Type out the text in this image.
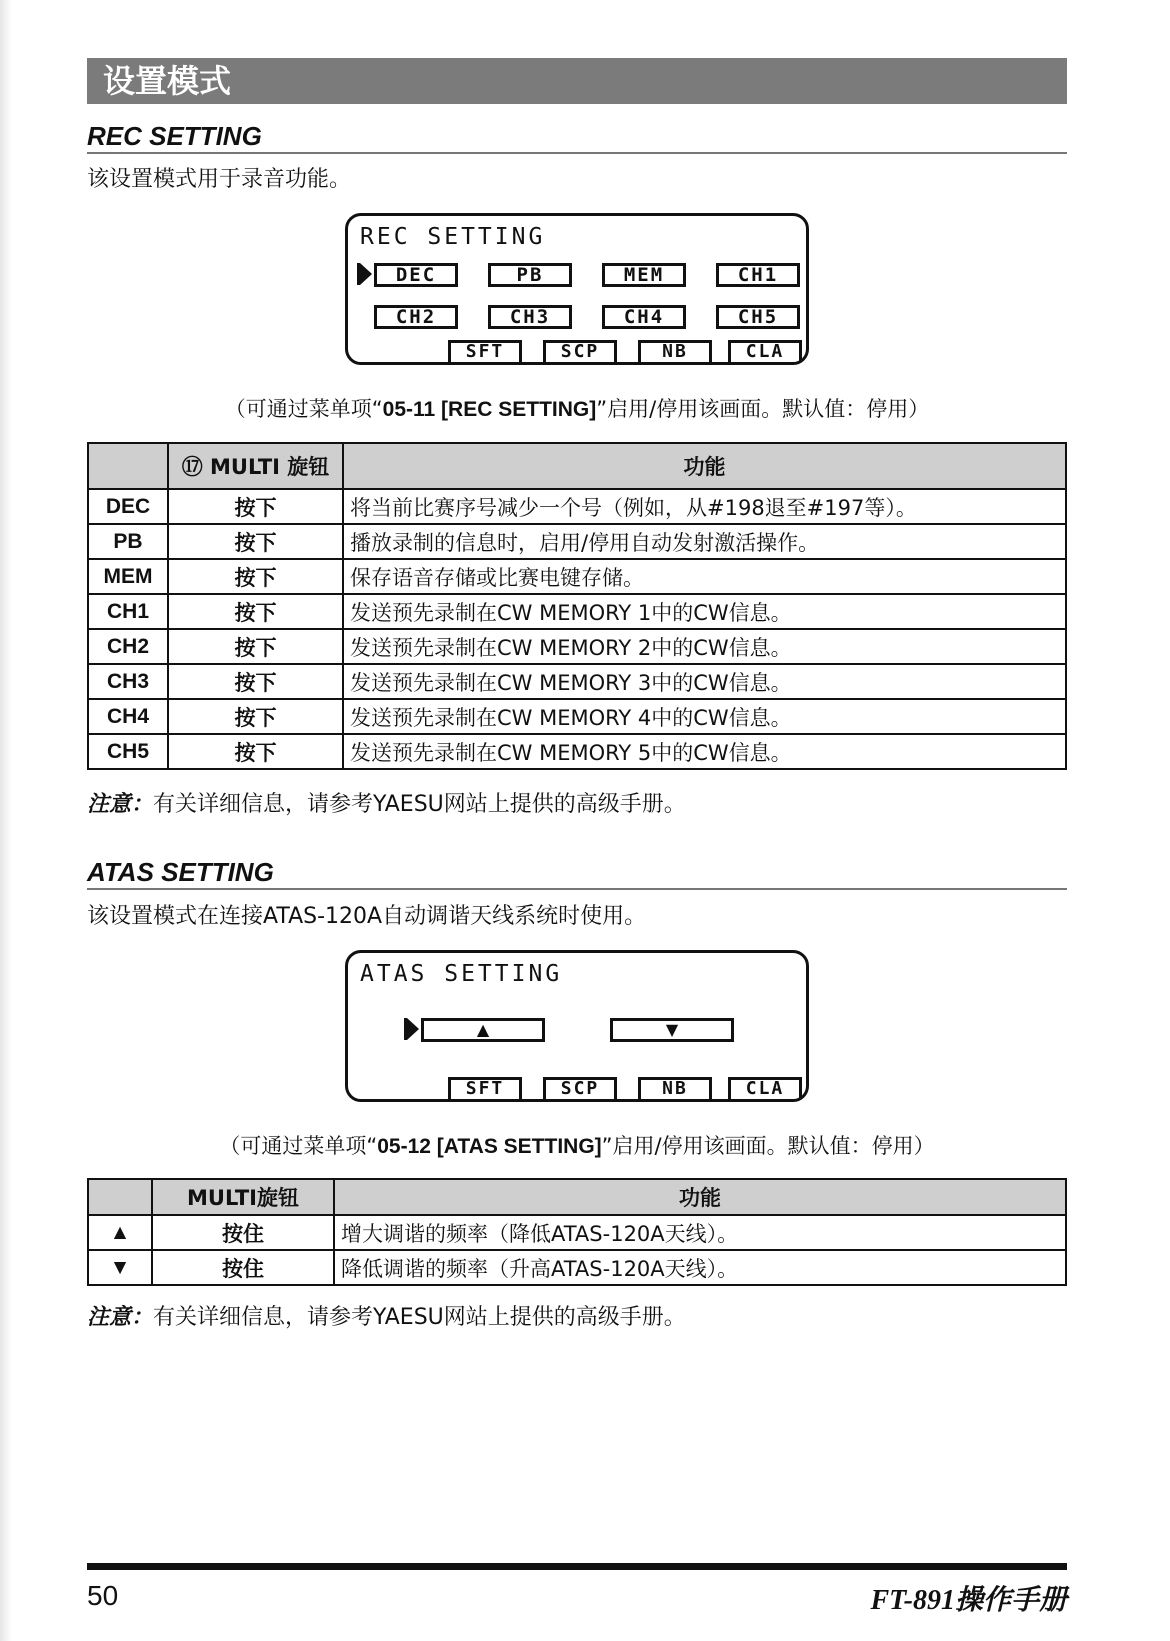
设置模式
REC SETTING
该设置模式用于录音功能。
REC SETTING
DEC	PB	MEM	CH1
CH2	CH3	CH4	CH5
SFT	SCP	NB	CLA
（可通过菜单项“05-11 [REC SETTING]”启用/停用该画面。默认值：停用）
	⑰ MULTI 旋钮	功能
DEC	按下	将当前比赛序号减少一个号（例如，从#198退至#197等）。
PB	按下	播放录制的信息时，启用/停用自动发射激活操作。
MEM	按下	保存语音存储或比赛电键存储。
CH1	按下	发送预先录制在CW MEMORY 1中的CW信息。
CH2	按下	发送预先录制在CW MEMORY 2中的CW信息。
CH3	按下	发送预先录制在CW MEMORY 3中的CW信息。
CH4	按下	发送预先录制在CW MEMORY 4中的CW信息。
CH5	按下	发送预先录制在CW MEMORY 5中的CW信息。
注意：有关详细信息，请参考YAESU网站上提供的高级手册。
ATAS SETTING
该设置模式在连接ATAS-120A自动调谐天线系统时使用。
ATAS SETTING
▲	▼
SFT	SCP	NB	CLA
（可通过菜单项“05-12 [ATAS SETTING]”启用/停用该画面。默认值：停用）
	MULTI旋钮	功能
▲	按住	增大调谐的频率（降低ATAS-120A天线）。
▼	按住	降低调谐的频率（升高ATAS-120A天线）。
注意：有关详细信息，请参考YAESU网站上提供的高级手册。
50	FT-891操作手册
